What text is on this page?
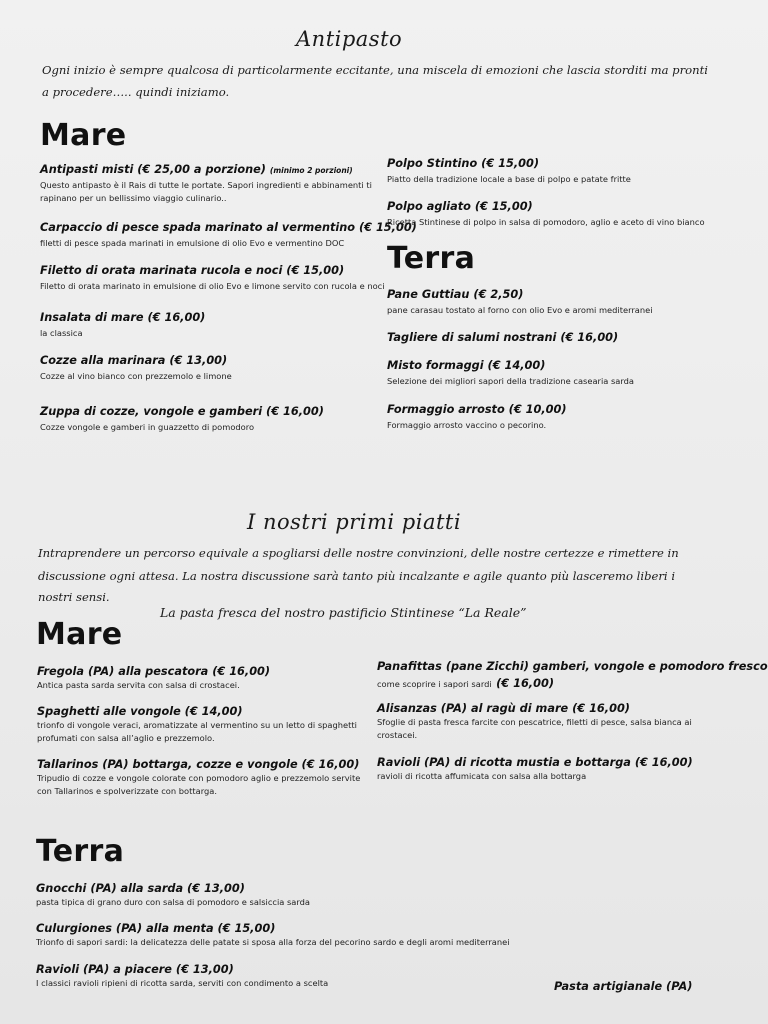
Antipasto
Ogni inizio è sempre qualcosa di particolarmente eccitante, una miscela di emozioni che lascia storditi ma pronti
a procedere….. quindi iniziamo.
Mare
Antipasti misti (€ 25,00 a porzione) (minimo 2 porzioni)
Questo antipasto è il Rais di tutte le portate. Sapori ingredienti e abbinamenti ti
rapinano per un bellissimo viaggio culinario..
Carpaccio di pesce spada marinato al vermentino (€ 15,00)
filetti di pesce spada marinati in emulsione di olio Evo e vermentino DOC
Filetto di orata marinata rucola e noci (€ 15,00)
Filetto di orata marinato in emulsione di olio Evo e limone servito con rucola e noci
Insalata di mare (€ 16,00)
la classica
Cozze alla marinara (€ 13,00)
Cozze al vino bianco con prezzemolo e limone
Zuppa di cozze, vongole e gamberi (€ 16,00)
Cozze vongole e gamberi in guazzetto di pomodoro
Polpo Stintino (€ 15,00)
Piatto della tradizione locale a base di polpo e patate fritte
Polpo agliato (€ 15,00)
Ricetta Stintinese di polpo in salsa di pomodoro, aglio e aceto di vino bianco
Terra
Pane Guttiau (€ 2,50)
pane carasau tostato al forno con olio Evo e aromi mediterranei
Tagliere di salumi nostrani (€ 16,00)
Misto formaggi (€ 14,00)
Selezione dei migliori sapori della tradizione casearia sarda
Formaggio arrosto (€ 10,00)
Formaggio arrosto vaccino o pecorino.
I nostri primi piatti
Intraprendere un percorso equivale a spogliarsi delle nostre convinzioni, delle nostre certezze e rimettere in
discussione ogni attesa. La nostra discussione sarà tanto più incalzante e agile quanto più lasceremo liberi i
nostri sensi.
La pasta fresca del nostro pastificio Stintinese “La Reale”
Mare
Fregola (PA) alla pescatora (€ 16,00)
Antica pasta sarda servita con salsa di crostacei.
Spaghetti alle vongole (€ 14,00)
trionfo di vongole veraci, aromatizzate al vermentino su un letto di spaghetti
profumati con salsa all’aglio e prezzemolo.
Tallarinos (PA) bottarga, cozze e vongole (€ 16,00)
Tripudio di cozze e vongole colorate con pomodoro aglio e prezzemolo servite
con Tallarinos e spolverizzate con bottarga.
Panafittas (pane Zicchi) gamberi, vongole e pomodoro fresco
come scoprire i sapori sardi (€ 16,00)
Alisanzas (PA) al ragù di mare (€ 16,00)
Sfoglie di pasta fresca farcite con pescatrice, filetti di pesce, salsa bianca ai
crostacei.
Ravioli (PA) di ricotta mustia e bottarga (€ 16,00)
ravioli di ricotta affumicata con salsa alla bottarga
Terra
Gnocchi (PA) alla sarda (€ 13,00)
pasta tipica di grano duro con salsa di pomodoro e salsiccia sarda
Culurgiones (PA) alla menta (€ 15,00)
Trionfo di sapori sardi: la delicatezza delle patate si sposa alla forza del pecorino sardo e degli aromi mediterranei
Ravioli (PA) a piacere (€ 13,00)
I classici ravioli ripieni di ricotta sarda, serviti con condimento a scelta	Pasta artigianale (PA)
